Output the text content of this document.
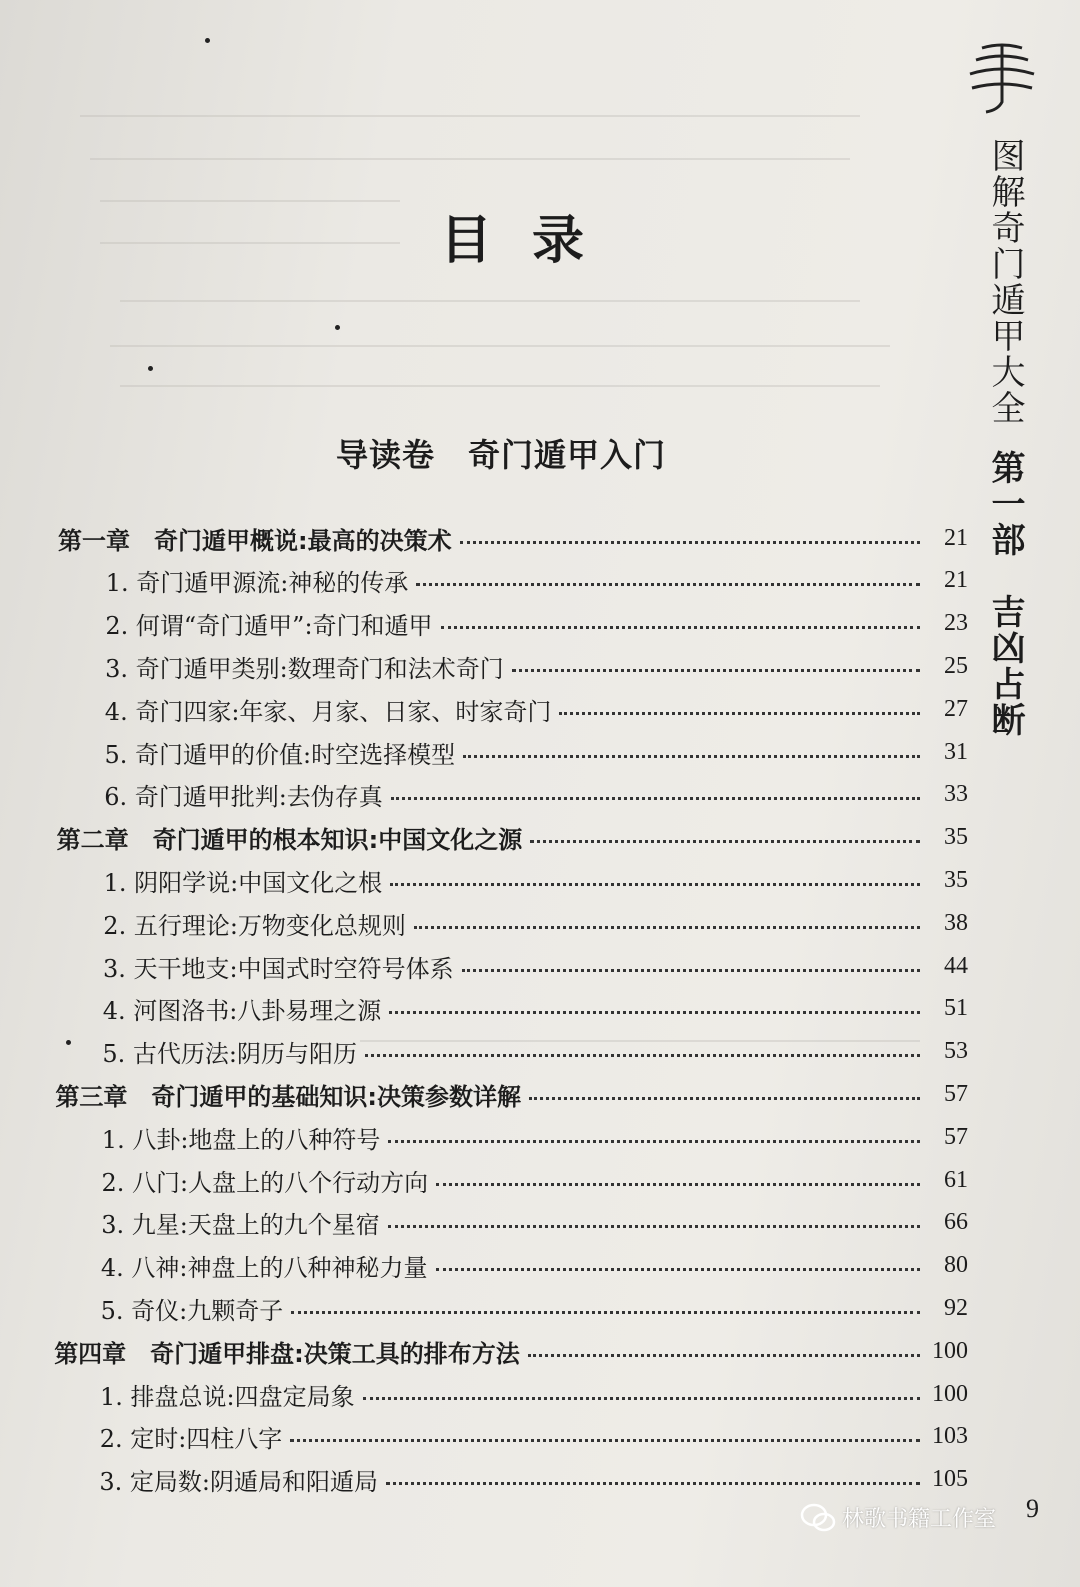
图解奇门遁甲大全第一部　吉凶占断
目录
导读卷　奇门遁甲入门
第一章　奇门遁甲概说:最高的决策术	21
1. 奇门遁甲源流:神秘的传承	21
2. 何谓“奇门遁甲”:奇门和遁甲	23
3. 奇门遁甲类别:数理奇门和法术奇门	25
4. 奇门四家:年家、月家、日家、时家奇门	27
5. 奇门遁甲的价值:时空选择模型	31
6. 奇门遁甲批判:去伪存真	33
第二章　奇门遁甲的根本知识:中国文化之源	35
1. 阴阳学说:中国文化之根	35
2. 五行理论:万物变化总规则	38
3. 天干地支:中国式时空符号体系	44
4. 河图洛书:八卦易理之源	51
5. 古代历法:阴历与阳历	53
第三章　奇门遁甲的基础知识:决策参数详解	57
1. 八卦:地盘上的八种符号	57
2. 八门:人盘上的八个行动方向	61
3. 九星:天盘上的九个星宿	66
4. 八神:神盘上的八种神秘力量	80
5. 奇仪:九颗奇子	92
第四章　奇门遁甲排盘:决策工具的排布方法	100
1. 排盘总说:四盘定局象	100
2. 定时:四柱八字	103
3. 定局数:阴遁局和阳遁局	105
9
林歌书籍工作室
